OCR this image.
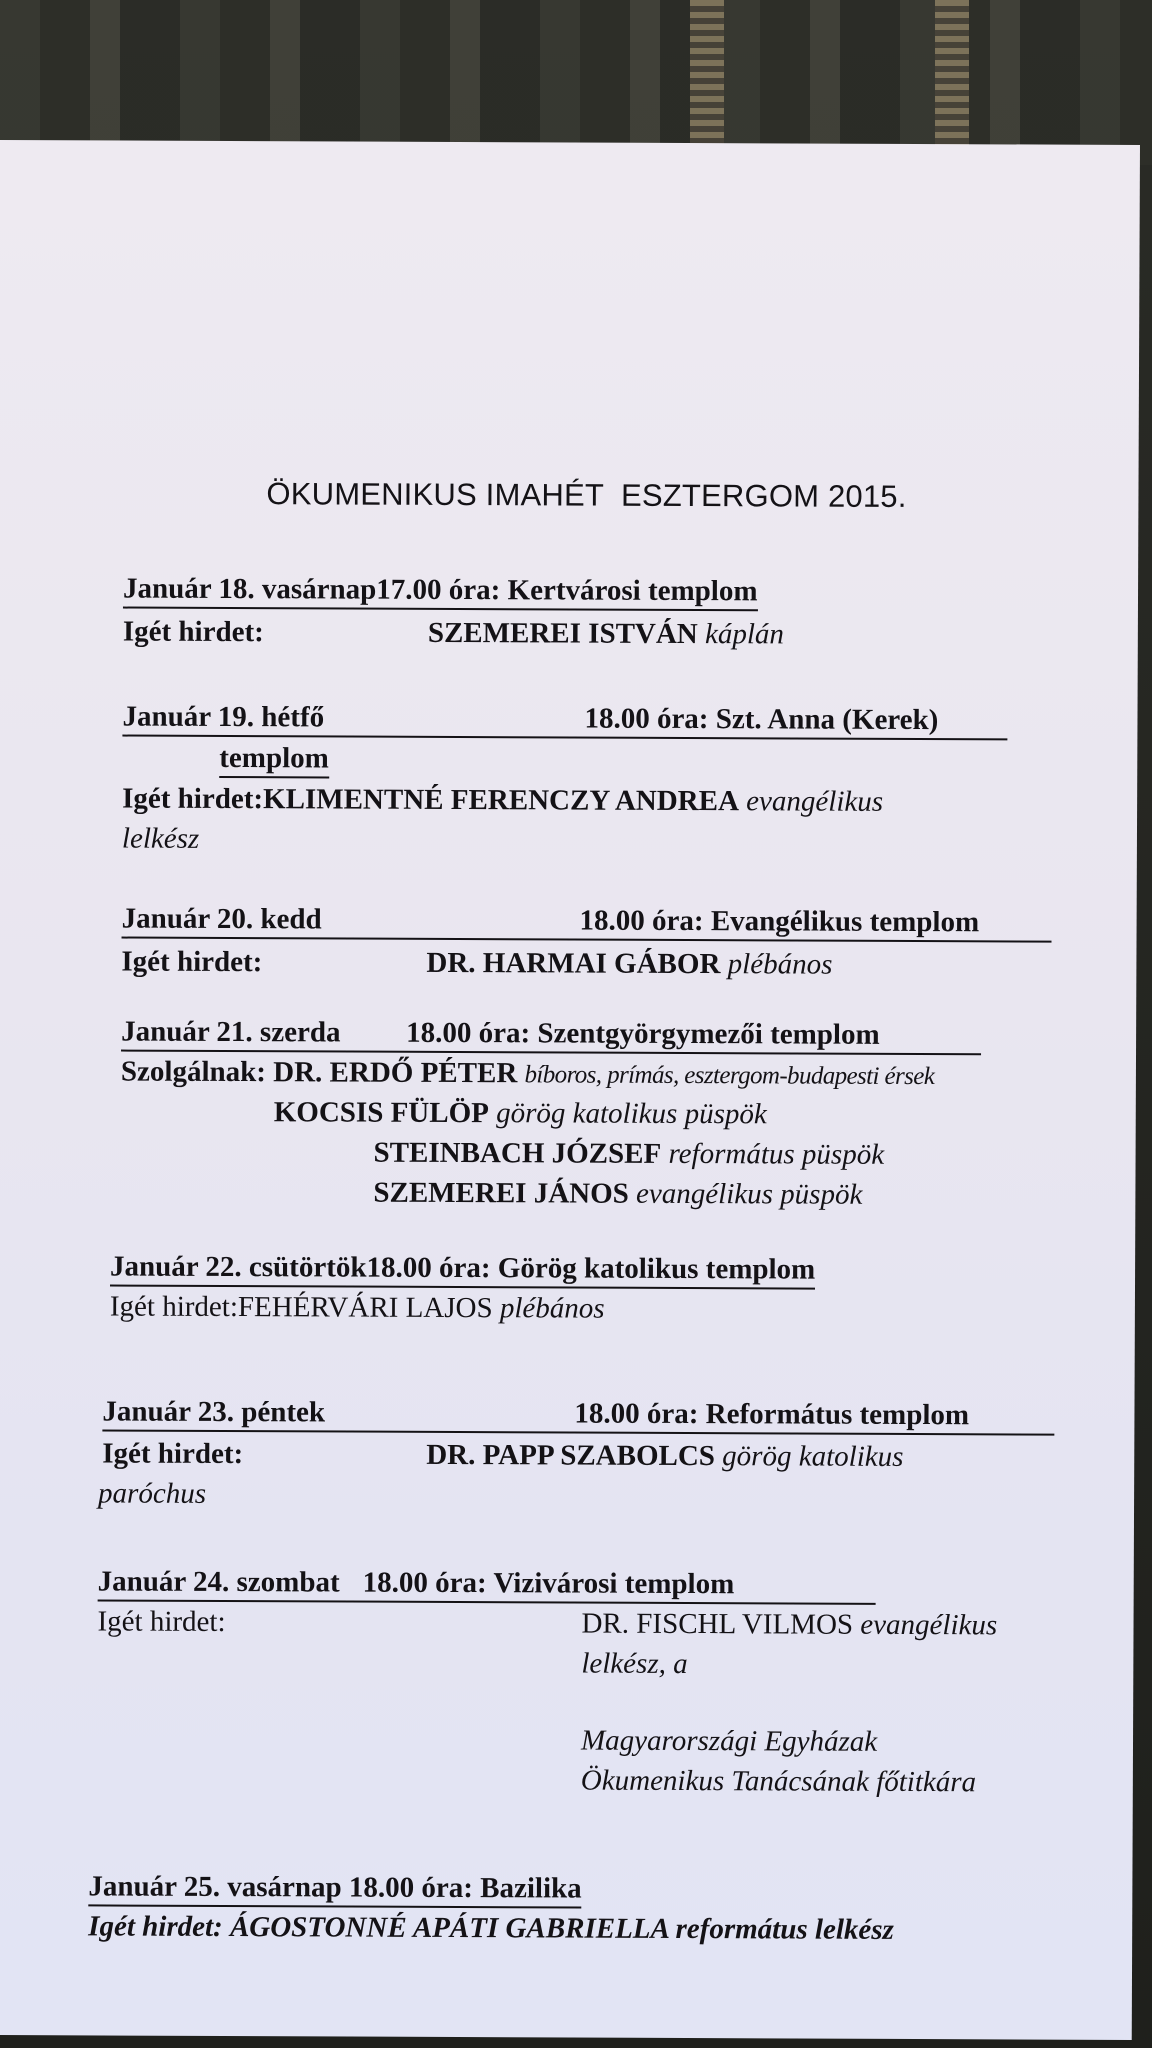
ÖKUMENIKUS IMAHÉT  ESZTERGOM 2015.
Január 18. vasárnap17.00 óra: Kertvárosi templom
Igét hirdet:	SZEMEREI ISTVÁN káplán
Január 19. hétfő	18.00 óra: Szt. Anna (Kerek)
templom
Igét hirdet:KLIMENTNÉ FERENCZY ANDREA evangélikus
lelkész
Január 20. kedd	18.00 óra: Evangélikus templom
Igét hirdet:	DR. HARMAI GÁBOR plébános
Január 21. szerda 18.00 óra: Szentgyörgymezői templom
Szolgálnak: DR. ERDŐ PÉTER bíboros, prímás, esztergom-budapesti érsek
KOCSIS FÜLÖP görög katolikus püspök
STEINBACH JÓZSEF református püspök
SZEMEREI JÁNOS evangélikus püspök
Január 22. csütörtök18.00 óra: Görög katolikus templom
Igét hirdet:FEHÉRVÁRI LAJOS plébános
Január 23. péntek	18.00 óra: Református templom
Igét hirdet:	DR. PAPP SZABOLCS görög katolikus
paróchus
Január 24. szombat 18.00 óra: Vizivárosi templom
Igét hirdet:	DR. FISCHL VILMOS evangélikus
lelkész, a
Magyarországi Egyházak
Ökumenikus Tanácsának főtitkára
Január 25. vasárnap 18.00 óra: Bazilika
Igét hirdet: ÁGOSTONNÉ APÁTI GABRIELLA református lelkész
